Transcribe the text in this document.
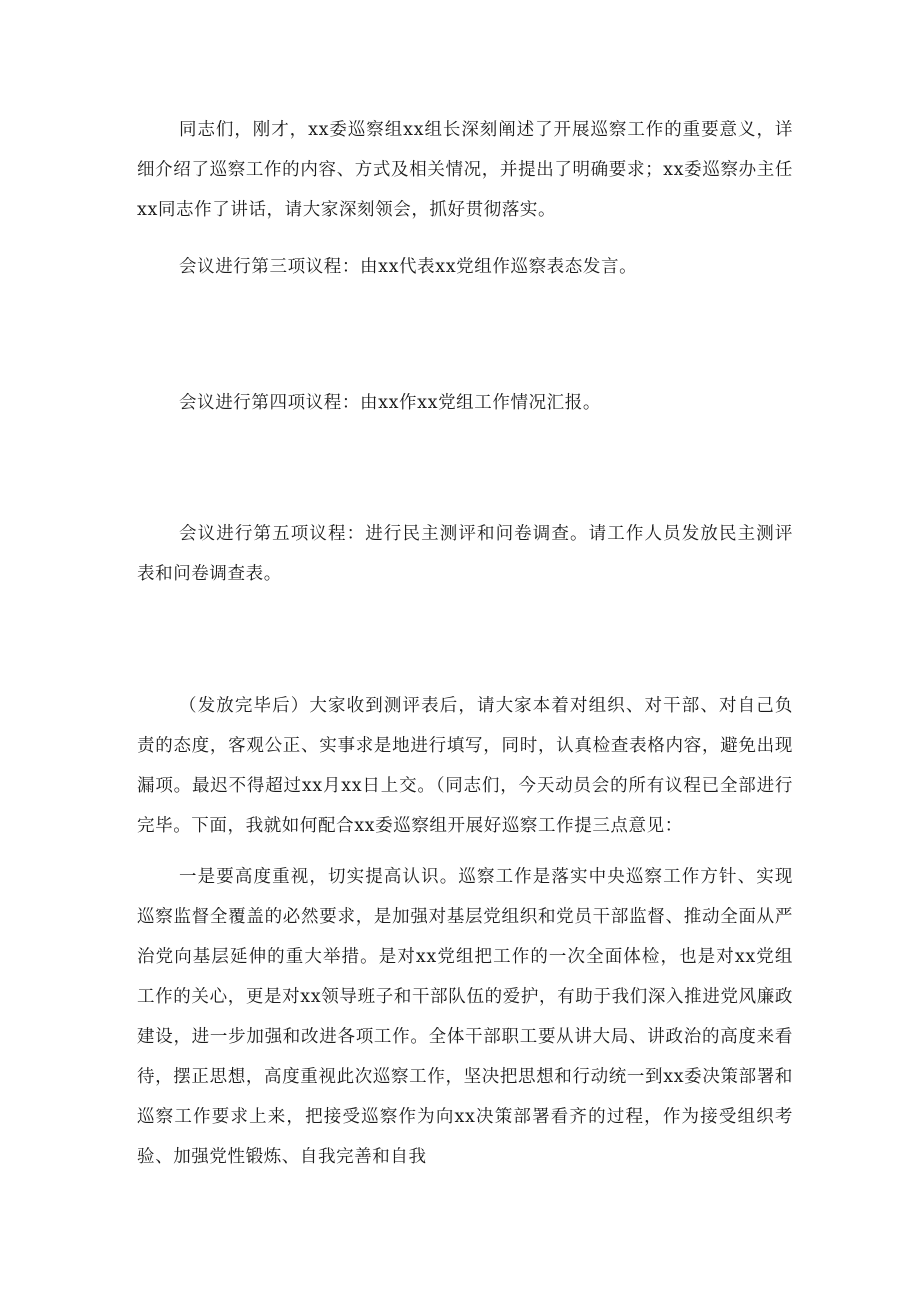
同志们，刚才，xx委巡察组xx组长深刻阐述了开展巡察工作的重要意义，详细介绍了巡察工作的内容、方式及相关情况，并提出了明确要求；xx委巡察办主任xx同志作了讲话，请大家深刻领会，抓好贯彻落实。

会议进行第三项议程：由xx代表xx党组作巡察表态发言。

会议进行第四项议程：由xx作xx党组工作情况汇报。

会议进行第五项议程：进行民主测评和问卷调查。请工作人员发放民主测评表和问卷调查表。

（发放完毕后）大家收到测评表后，请大家本着对组织、对干部、对自己负责的态度，客观公正、实事求是地进行填写，同时，认真检查表格内容，避免出现漏项。最迟不得超过xx月xx日上交。（同志们，今天动员会的所有议程已全部进行完毕。下面，我就如何配合xx委巡察组开展好巡察工作提三点意见：

一是要高度重视，切实提高认识。巡察工作是落实中央巡察工作方针、实现巡察监督全覆盖的必然要求，是加强对基层党组织和党员干部监督、推动全面从严治党向基层延伸的重大举措。是对xx党组把工作的一次全面体检，也是对xx党组工作的关心，更是对xx领导班子和干部队伍的爱护，有助于我们深入推进党风廉政建设，进一步加强和改进各项工作。全体干部职工要从讲大局、讲政治的高度来看待，摆正思想，高度重视此次巡察工作，坚决把思想和行动统一到xx委决策部署和巡察工作要求上来，把接受巡察作为向xx决策部署看齐的过程，作为接受组织考验、加强党性锻炼、自我完善和自我
